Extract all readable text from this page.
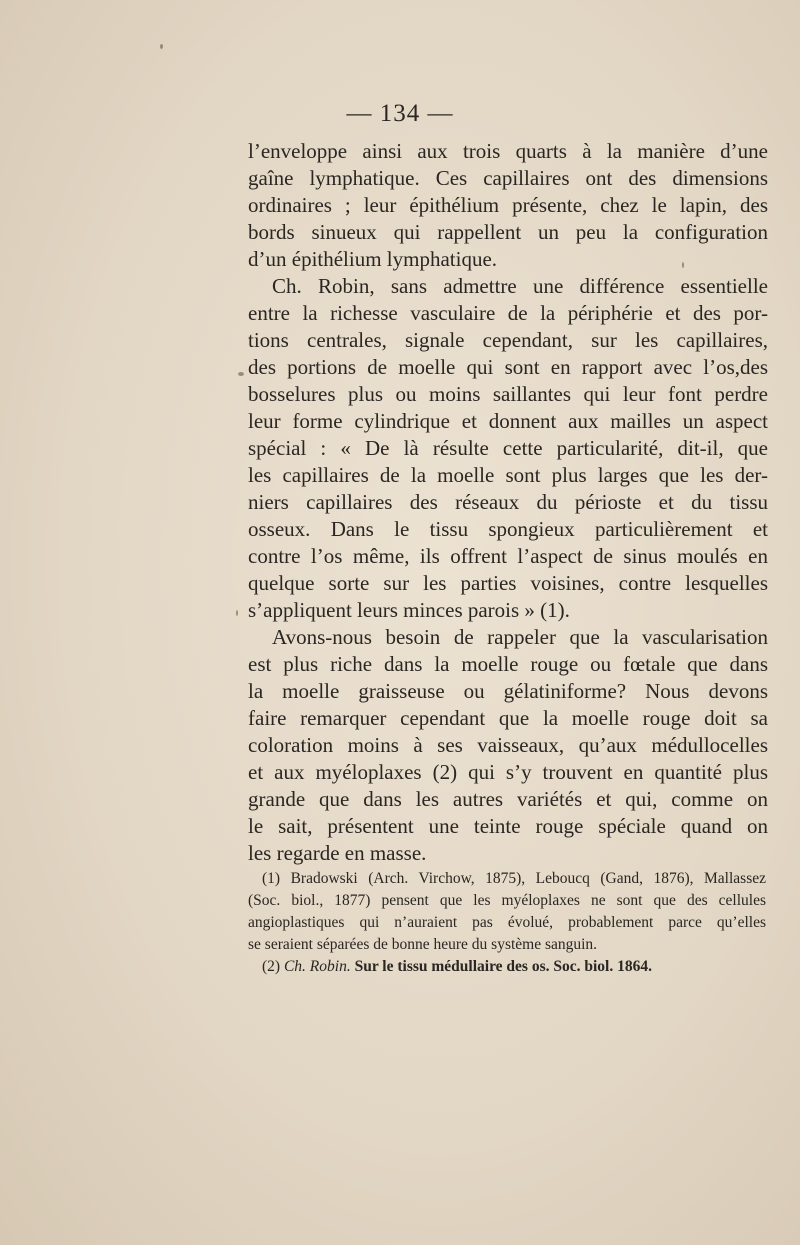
— 134 —
l’enveloppe ainsi aux trois quarts à la manière d’une
gaîne lymphatique. Ces capillaires ont des dimensions
ordinaires ; leur épithélium présente, chez le lapin, des
bords sinueux qui rappellent un peu la configuration
d’un épithélium lymphatique.
Ch. Robin, sans admettre une différence essentielle
entre la richesse vasculaire de la périphérie et des por-
tions centrales, signale cependant, sur les capillaires,
des portions de moelle qui sont en rapport avec l’os,des
bosselures plus ou moins saillantes qui leur font perdre
leur forme cylindrique et donnent aux mailles un aspect
spécial : « De là résulte cette particularité, dit-il, que
les capillaires de la moelle sont plus larges que les der-
niers capillaires des réseaux du périoste et du tissu
osseux. Dans le tissu spongieux particulièrement et
contre l’os même, ils offrent l’aspect de sinus moulés en
quelque sorte sur les parties voisines, contre lesquelles
s’appliquent leurs minces parois » (1).
Avons-nous besoin de rappeler que la vascularisation
est plus riche dans la moelle rouge ou fœtale que dans
la moelle graisseuse ou gélatiniforme? Nous devons
faire remarquer cependant que la moelle rouge doit sa
coloration moins à ses vaisseaux, qu’aux médullocelles
et aux myéloplaxes (2) qui s’y trouvent en quantité plus
grande que dans les autres variétés et qui, comme on
le sait, présentent une teinte rouge spéciale quand on
les regarde en masse.
(1) Bradowski (Arch. Virchow, 1875), Leboucq (Gand, 1876), Mallassez
(Soc. biol., 1877) pensent que les myéloplaxes ne sont que des cellules
angioplastiques qui n’auraient pas évolué, probablement parce qu’elles
se seraient séparées de bonne heure du système sanguin.
(2) Ch. Robin. Sur le tissu médullaire des os. Soc. biol. 1864.
